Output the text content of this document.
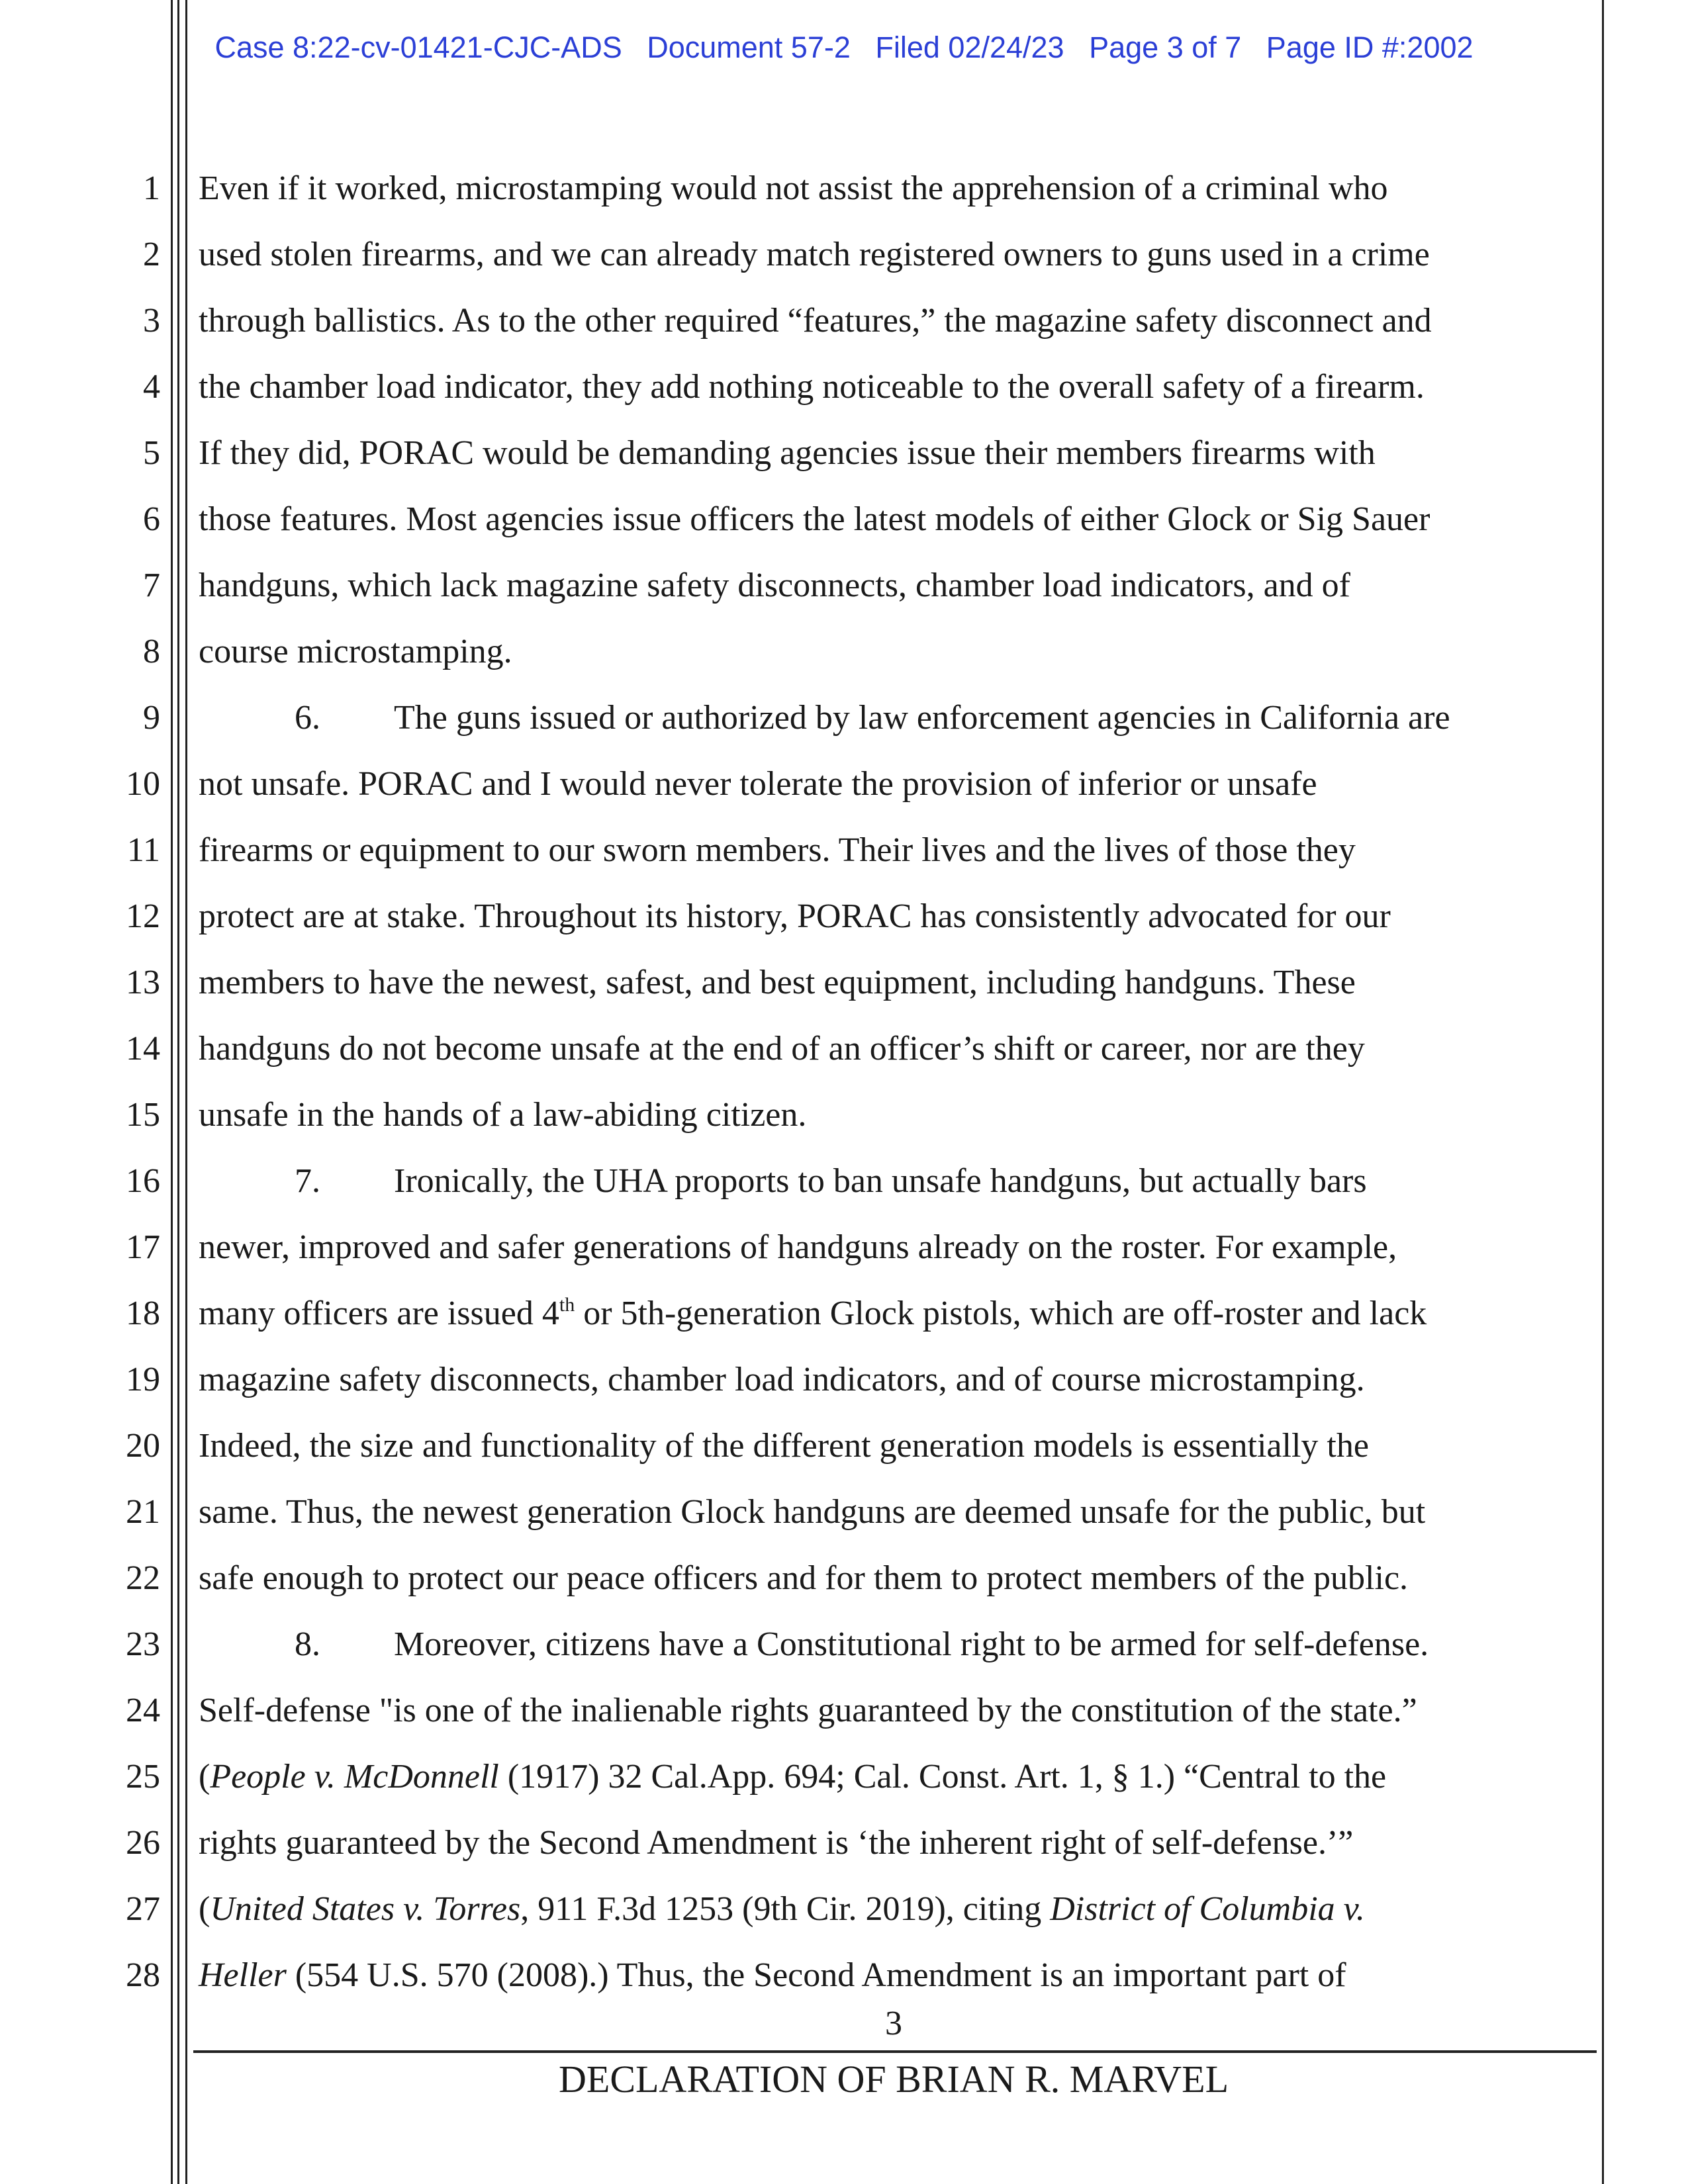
Case 8:22-cv-01421-CJC-ADS   Document 57-2   Filed 02/24/23   Page 3 of 7   Page ID #:2002

1

2

3

4

5

6

7

8

9

10

11

12

13

14

15

16

17

18

19

20

21

22

23

24

25

26

27

28

Even if it worked, microstamping would not assist the apprehension of a criminal who

used stolen firearms, and we can already match registered owners to guns used in a crime

through ballistics. As to the other required “features,” the magazine safety disconnect and

the chamber load indicator, they add nothing noticeable to the overall safety of a firearm.

If they did, PORAC would be demanding agencies issue their members firearms with

those features. Most agencies issue officers the latest models of either Glock or Sig Sauer

handguns, which lack magazine safety disconnects, chamber load indicators, and of

course microstamping.

6. The guns issued or authorized by law enforcement agencies in California are

not unsafe. PORAC and I would never tolerate the provision of inferior or unsafe

firearms or equipment to our sworn members. Their lives and the lives of those they

protect are at stake. Throughout its history, PORAC has consistently advocated for our

members to have the newest, safest, and best equipment, including handguns. These

handguns do not become unsafe at the end of an officer’s shift or career, nor are they

unsafe in the hands of a law-abiding citizen.

7. Ironically, the UHA proports to ban unsafe handguns, but actually bars

newer, improved and safer generations of handguns already on the roster. For example,

many officers are issued 4th or 5th-generation Glock pistols, which are off-roster and lack

magazine safety disconnects, chamber load indicators, and of course microstamping.

Indeed, the size and functionality of the different generation models is essentially the

same. Thus, the newest generation Glock handguns are deemed unsafe for the public, but

safe enough to protect our peace officers and for them to protect members of the public.

8. Moreover, citizens have a Constitutional right to be armed for self-defense.

Self-defense "is one of the inalienable rights guaranteed by the constitution of the state.”

(People v. McDonnell (1917) 32 Cal.App. 694; Cal. Const. Art. 1, § 1.) “Central to the

rights guaranteed by the Second Amendment is ‘the inherent right of self-defense.’”

(United States v. Torres, 911 F.3d 1253 (9th Cir. 2019), citing District of Columbia v.

Heller (554 U.S. 570 (2008).) Thus, the Second Amendment is an important part of

3
DECLARATION OF BRIAN R. MARVEL
